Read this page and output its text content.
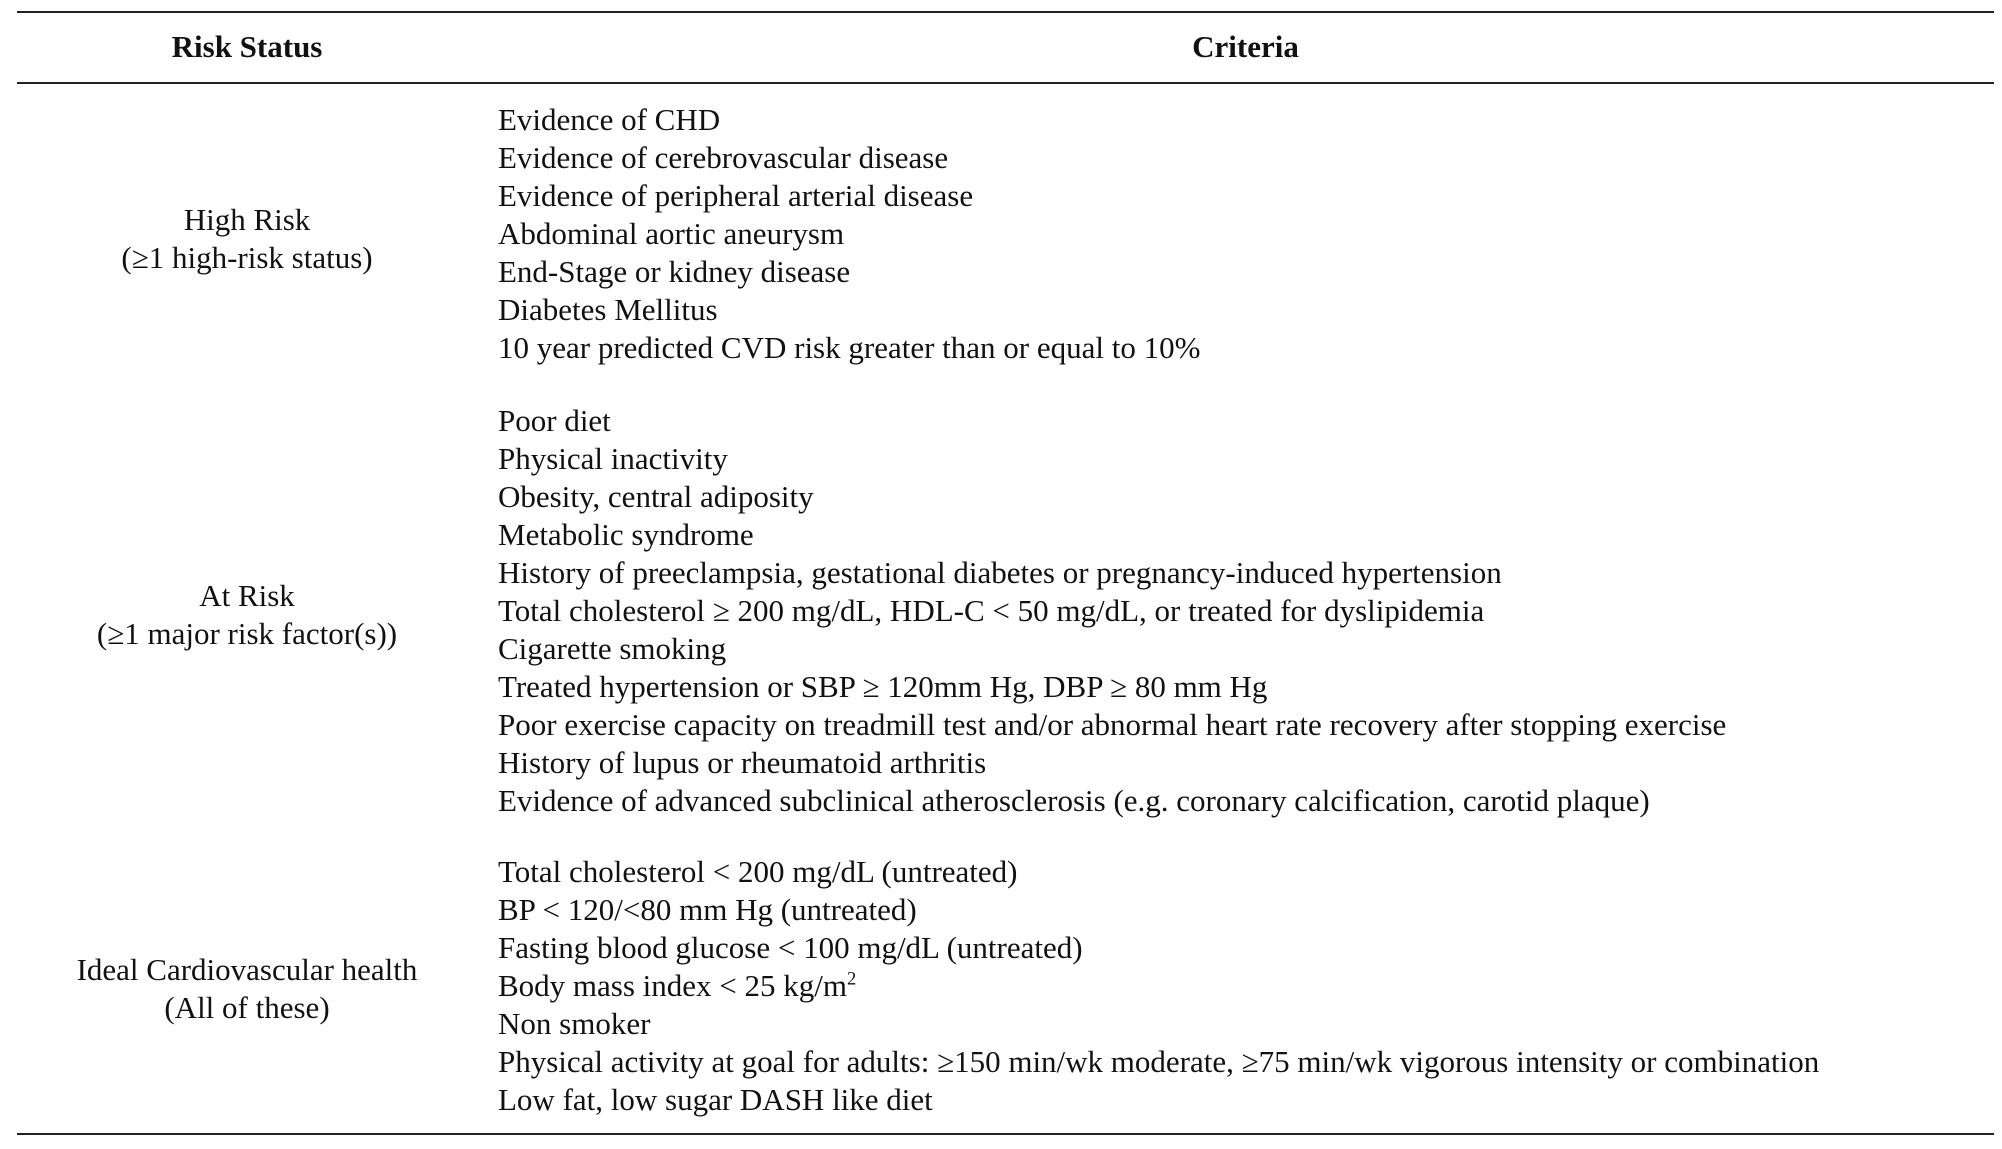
Risk Status	Criteria
High Risk
(≥1 high-risk status)
Evidence of CHD
Evidence of cerebrovascular disease
Evidence of peripheral arterial disease
Abdominal aortic aneurysm
End-Stage or kidney disease
Diabetes Mellitus
10 year predicted CVD risk greater than or equal to 10%
At Risk
(≥1 major risk factor(s))
Poor diet
Physical inactivity
Obesity, central adiposity
Metabolic syndrome
History of preeclampsia, gestational diabetes or pregnancy-induced hypertension
Total cholesterol ≥ 200 mg/dL, HDL-C < 50 mg/dL, or treated for dyslipidemia
Cigarette smoking
Treated hypertension or SBP ≥ 120mm Hg, DBP ≥ 80 mm Hg
Poor exercise capacity on treadmill test and/or abnormal heart rate recovery after stopping exercise
History of lupus or rheumatoid arthritis
Evidence of advanced subclinical atherosclerosis (e.g. coronary calcification, carotid plaque)
Ideal Cardiovascular health
(All of these)
Total cholesterol < 200 mg/dL (untreated)
BP < 120/<80 mm Hg (untreated)
Fasting blood glucose < 100 mg/dL (untreated)
Body mass index < 25 $kg/m^2$
Non smoker
Physical activity at goal for adults: ≥150 min/wk moderate, ≥75 min/wk vigorous intensity or combination
Low fat, low sugar DASH like diet
